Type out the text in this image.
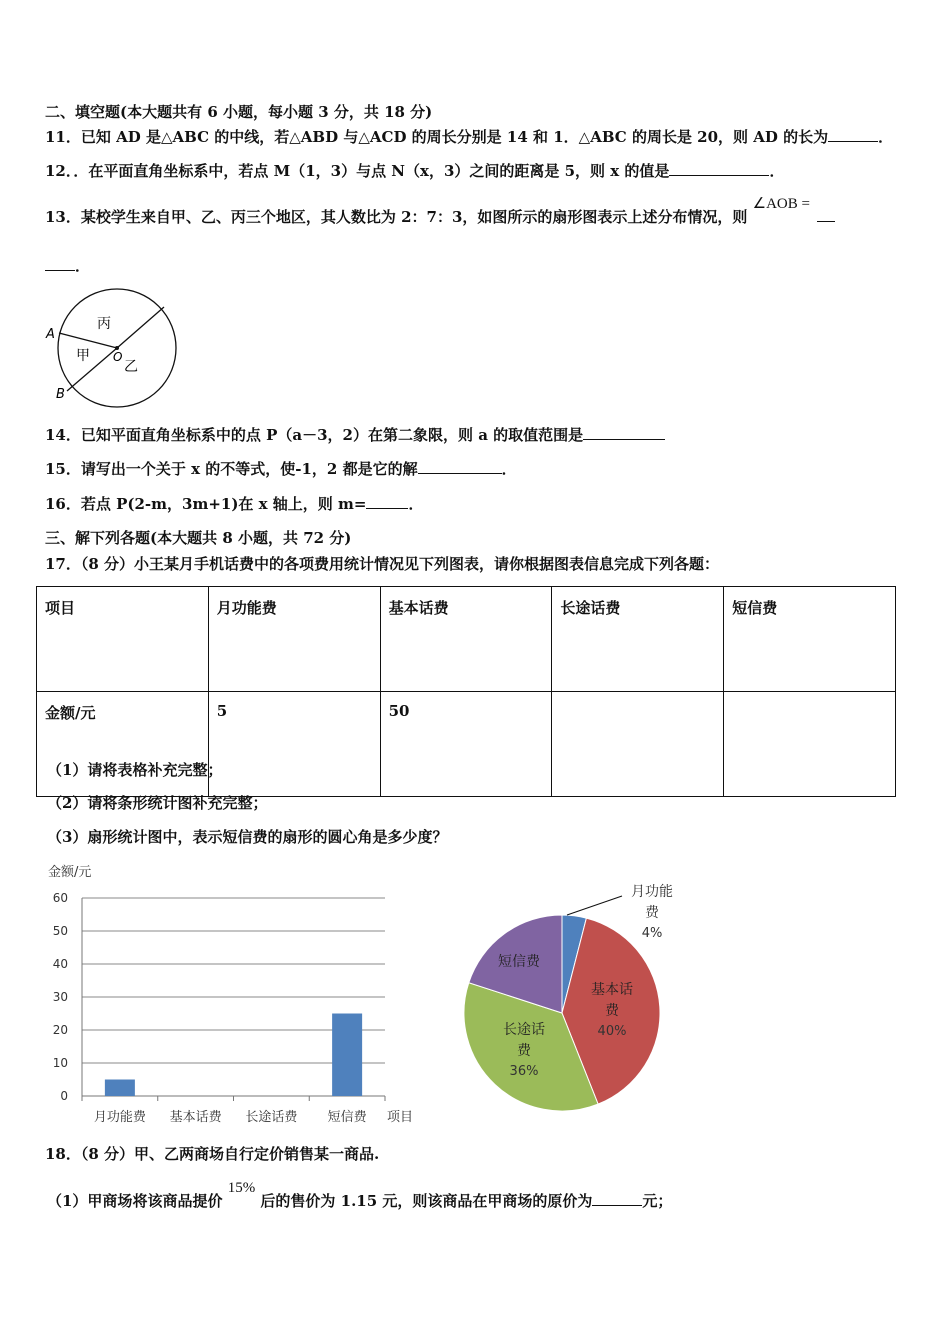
二、填空题(本大题共有 6 小题，每小题 3 分，共 18 分)
11．已知 AD 是△ABC 的中线，若△ABD 与△ACD 的周长分别是 14 和 1．△ABC 的周长是 20，则 AD 的长为	．
12．．在平面直角坐标系中，若点 M（1，3）与点 N（x，3）之间的距离是 5，则 x 的值是	．
13．某校学生来自甲、乙、丙三个地区，其人数比为 2：7：3，如图所示的扇形图表示上述分布情况，则 ∠AOB =
．
A
B
O
甲
乙
丙
14．已知平面直角坐标系中的点 P（a－3，2）在第二象限，则 a 的取值范围是
15．请写出一个关于 x 的不等式，使-1，2 都是它的解	．
16．若点 P(2-m，3m+1)在 x 轴上，则 m=	．
三、解下列各题(本大题共 8 小题，共 72 分)
17．（8 分）小王某月手机话费中的各项费用统计情况见下列图表，请你根据图表信息完成下列各题：
项目	月功能费	基本话费	长途话费	短信费
金额/元	5	50		
（1）请将表格补充完整；
（2）请将条形统计图补充完整；
（3）扇形统计图中，表示短信费的扇形的圆心角是多少度？
金额/元
项目
0
10
20
30
40
50
60
月功能费 基本话费 长途话费 短信费
月功能
费
4%
基本话
费
40%
长途话
费
36%
短信费
18．（8 分）甲、乙两商场自行定价销售某一商品.
（1）甲商场将该商品提价 15% 后的售价为 1.15 元，则该商品在甲商场的原价为	元；
